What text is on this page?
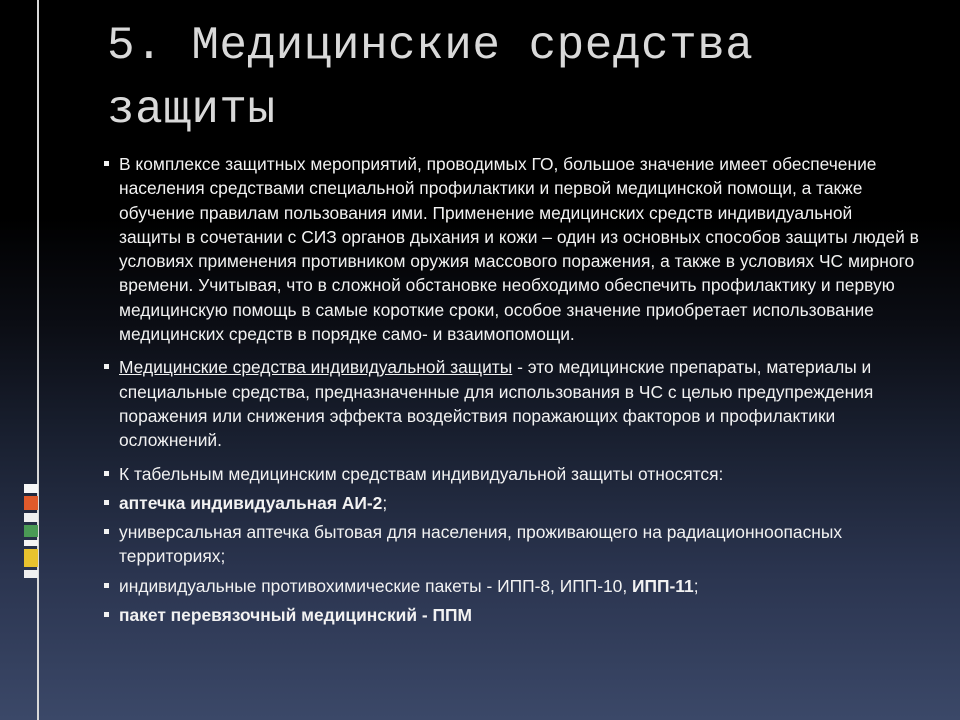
5. Медицинские средства
защиты
В комплексе защитных мероприятий, проводимых ГО, большое значение имеет обеспечение населения средствами специальной профилактики и первой медицинской помощи, а также обучение правилам пользования ими. Применение медицинских средств индивидуальной защиты в сочетании с СИЗ органов дыхания и кожи – один из основных способов защиты людей в условиях применения противником оружия массового поражения, а также в условиях ЧС мирного времени. Учитывая, что в сложной обстановке необходимо обеспечить профилактику и первую медицинскую помощь в самые короткие сроки, особое значение приобретает использование медицинских средств в порядке само- и взаимопомощи.
Медицинские средства индивидуальной защиты - это медицинские препараты, материалы и специальные средства, предназначенные для использования в ЧС с целью предупреждения поражения или снижения эффекта воздействия поражающих факторов и профилактики осложнений.
К табельным медицинским средствам индивидуальной защиты относятся:
аптечка индивидуальная АИ-2;
универсальная аптечка бытовая для населения, проживающего на радиационноопасных территориях;
индивидуальные противохимические пакеты - ИПП-8, ИПП-10, ИПП-11;
пакет перевязочный медицинский - ППМ
